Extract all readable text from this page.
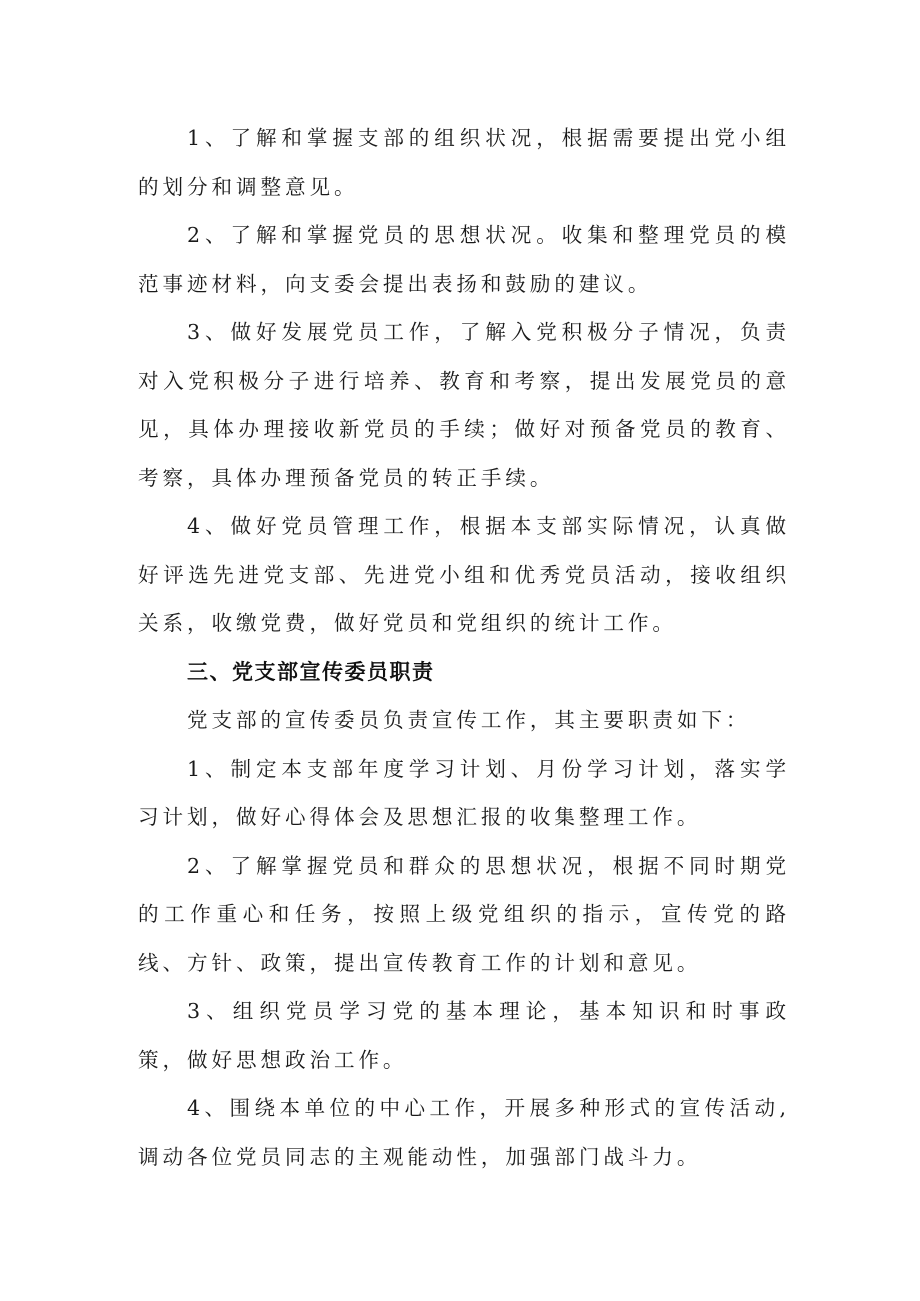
1、了解和掌握支部的组织状况，根据需要提出党小组的划分和调整意见。

2、了解和掌握党员的思想状况。收集和整理党员的模范事迹材料，向支委会提出表扬和鼓励的建议。

3、做好发展党员工作，了解入党积极分子情况，负责对入党积极分子进行培养、教育和考察，提出发展党员的意见，具体办理接收新党员的手续；做好对预备党员的教育、考察，具体办理预备党员的转正手续。

4、做好党员管理工作，根据本支部实际情况，认真做好评选先进党支部、先进党小组和优秀党员活动，接收组织关系，收缴党费，做好党员和党组织的统计工作。

三、党支部宣传委员职责

党支部的宣传委员负责宣传工作，其主要职责如下：

1、制定本支部年度学习计划、月份学习计划，落实学习计划，做好心得体会及思想汇报的收集整理工作。

2、了解掌握党员和群众的思想状况，根据不同时期党的工作重心和任务，按照上级党组织的指示，宣传党的路线、方针、政策，提出宣传教育工作的计划和意见。

3、组织党员学习党的基本理论，基本知识和时事政策，做好思想政治工作。

4、围绕本单位的中心工作，开展多种形式的宣传活动,调动各位党员同志的主观能动性，加强部门战斗力。
